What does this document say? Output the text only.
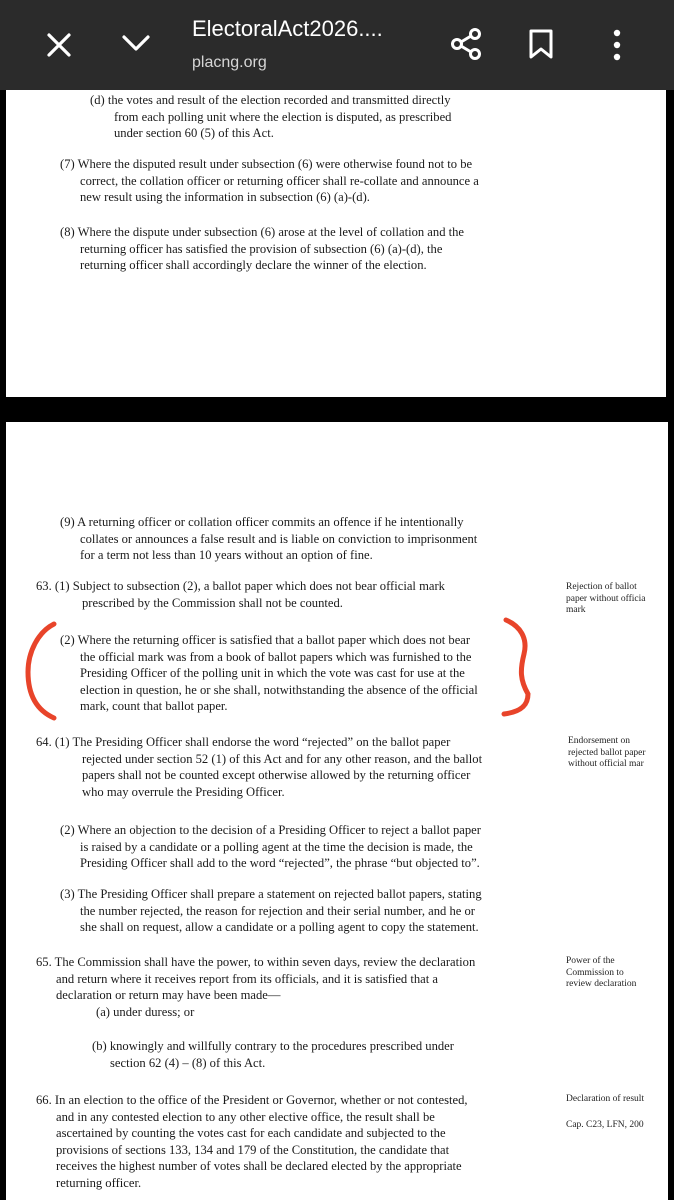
ElectoralAct2026....
placng.org
(d) the votes and result of the election recorded and transmitted directly
from each polling unit where the election is disputed, as prescribed
under section 60 (5) of this Act.
(7) Where the disputed result under subsection (6) were otherwise found not to be
correct, the collation officer or returning officer shall re-collate and announce a
new result using the information in subsection (6) (a)-(d).
(8) Where the dispute under subsection (6) arose at the level of collation and the
returning officer has satisfied the provision of subsection (6) (a)-(d), the
returning officer shall accordingly declare the winner of the election.
(9) A returning officer or collation officer commits an offence if he intentionally
collates or announces a false result and is liable on conviction to imprisonment
for a term not less than 10 years without an option of fine.
63. (1) Subject to subsection (2), a ballot paper which does not bear official mark
prescribed by the Commission shall not be counted.
Rejection of ballot
paper without officia
mark
(2) Where the returning officer is satisfied that a ballot paper which does not bear
the official mark was from a book of ballot papers which was furnished to the
Presiding Officer of the polling unit in which the vote was cast for use at the
election in question, he or she shall, notwithstanding the absence of the official
mark, count that ballot paper.
64. (1) The Presiding Officer shall endorse the word “rejected” on the ballot paper
rejected under section 52 (1) of this Act and for any other reason, and the ballot
papers shall not be counted except otherwise allowed by the returning officer
who may overrule the Presiding Officer.
Endorsement on
rejected ballot paper
without official mar
(2) Where an objection to the decision of a Presiding Officer to reject a ballot paper
is raised by a candidate or a polling agent at the time the decision is made, the
Presiding Officer shall add to the word “rejected”, the phrase “but objected to”.
(3) The Presiding Officer shall prepare a statement on rejected ballot papers, stating
the number rejected, the reason for rejection and their serial number, and he or
she shall on request, allow a candidate or a polling agent to copy the statement.
65. The Commission shall have the power, to within seven days, review the declaration
and return where it receives report from its officials, and it is satisfied that a
declaration or return may have been made—
(a) under duress; or
Power of the
Commission to
review declaration
(b) knowingly and willfully contrary to the procedures prescribed under
section 62 (4) – (8) of this Act.
66. In an election to the office of the President or Governor, whether or not contested,
and in any contested election to any other elective office, the result shall be
ascertained by counting the votes cast for each candidate and subjected to the
provisions of sections 133, 134 and 179 of the Constitution, the candidate that
receives the highest number of votes shall be declared elected by the appropriate
returning officer.
Declaration of result
Cap. C23, LFN, 200
